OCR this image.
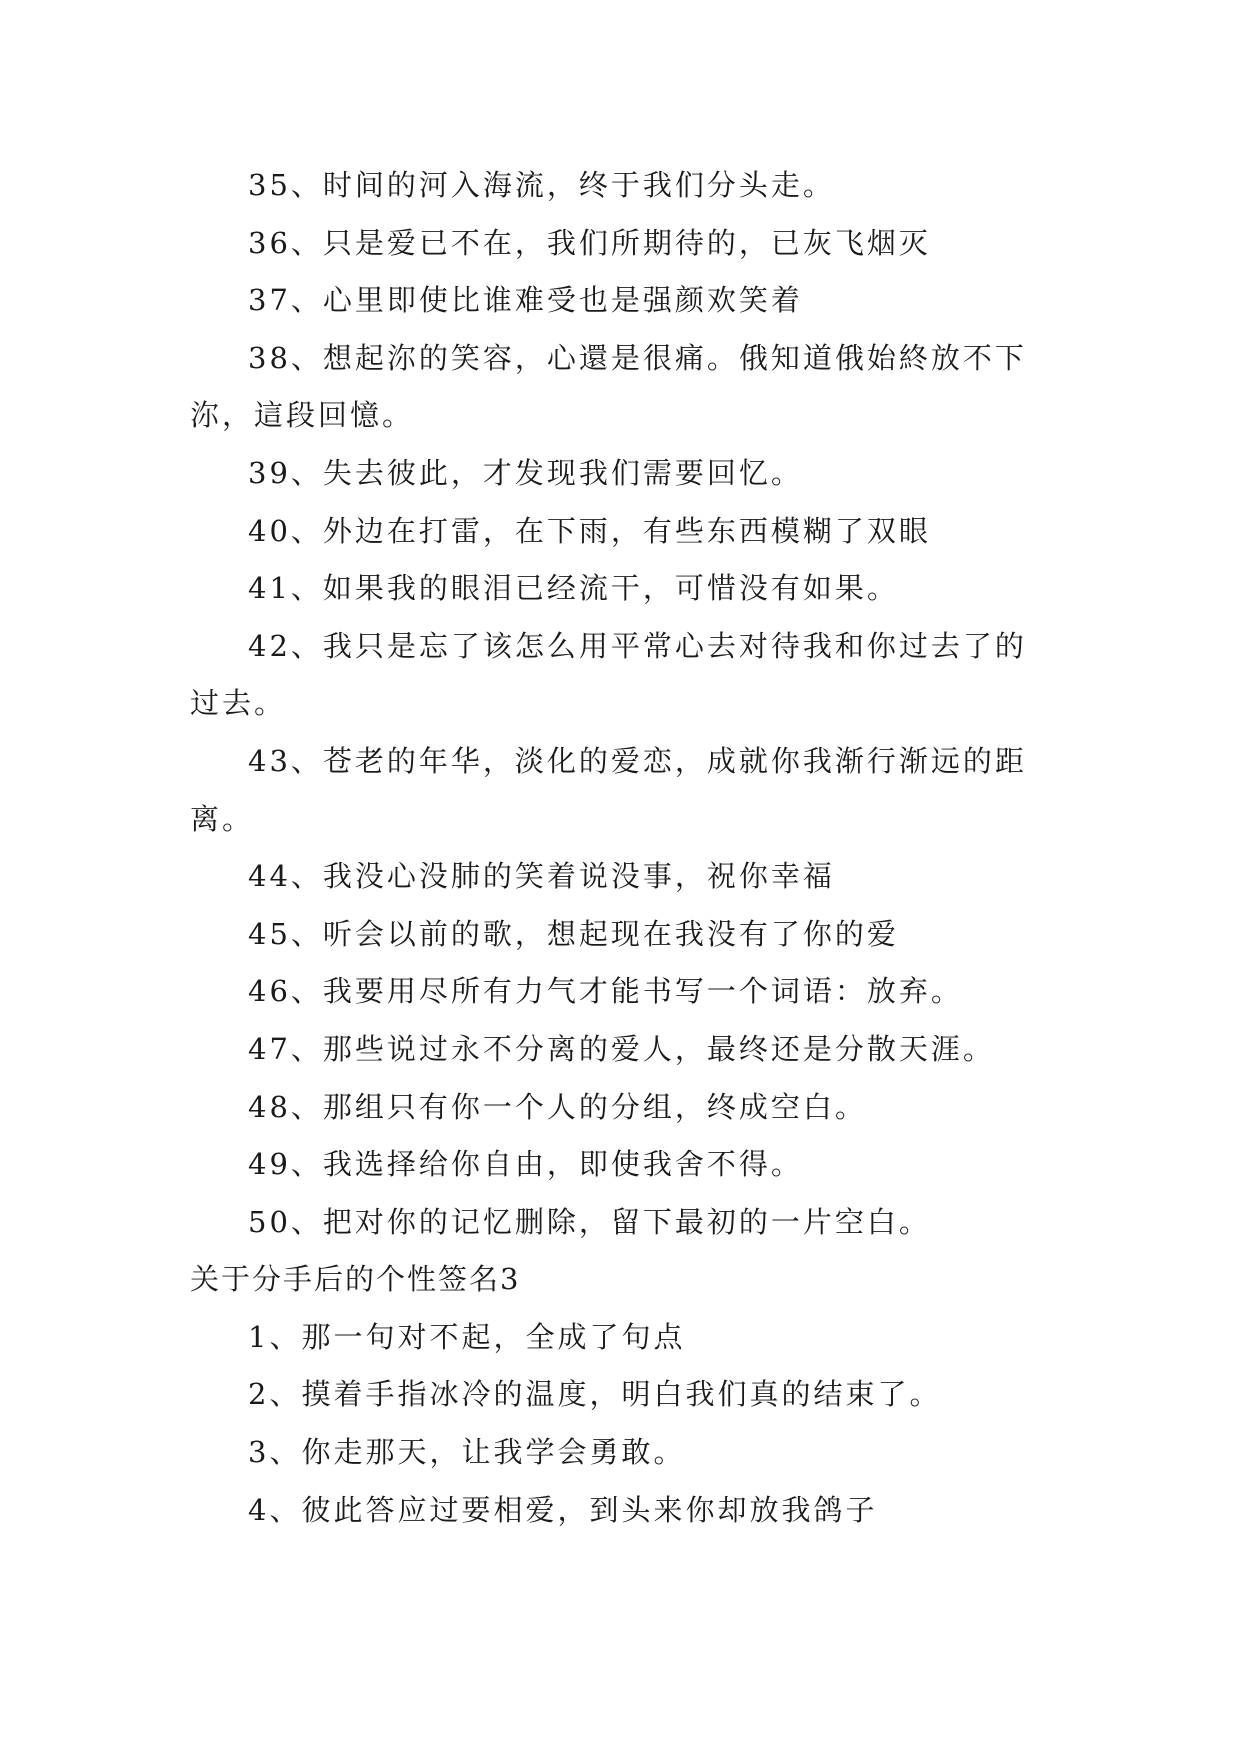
35、时间的河入海流，终于我们分头走。

36、只是爱已不在，我们所期待的，已灰飞烟灭

37、心里即使比谁难受也是强颜欢笑着

38、想起沵的笑容，心還是很痛。俄知道俄始終放不下沵，這段回憶。

39、失去彼此，才发现我们需要回忆。

40、外边在打雷，在下雨，有些东西模糊了双眼

41、如果我的眼泪已经流干，可惜没有如果。

42、我只是忘了该怎么用平常心去对待我和你过去了的过去。

43、苍老的年华，淡化的爱恋，成就你我渐行渐远的距离。

44、我没心没肺的笑着说没事，祝你幸福

45、听会以前的歌，想起现在我没有了你的爱

46、我要用尽所有力气才能书写一个词语：放弃。

47、那些说过永不分离的爱人，最终还是分散天涯。

48、那组只有你一个人的分组，终成空白。

49、我选择给你自由，即使我舍不得。

50、把对你的记忆删除，留下最初的一片空白。

关于分手后的个性签名3

1、那一句对不起，全成了句点

2、摸着手指冰冷的温度，明白我们真的结束了。

3、你走那天，让我学会勇敢。

4、彼此答应过要相爱，到头来你却放我鸽子
